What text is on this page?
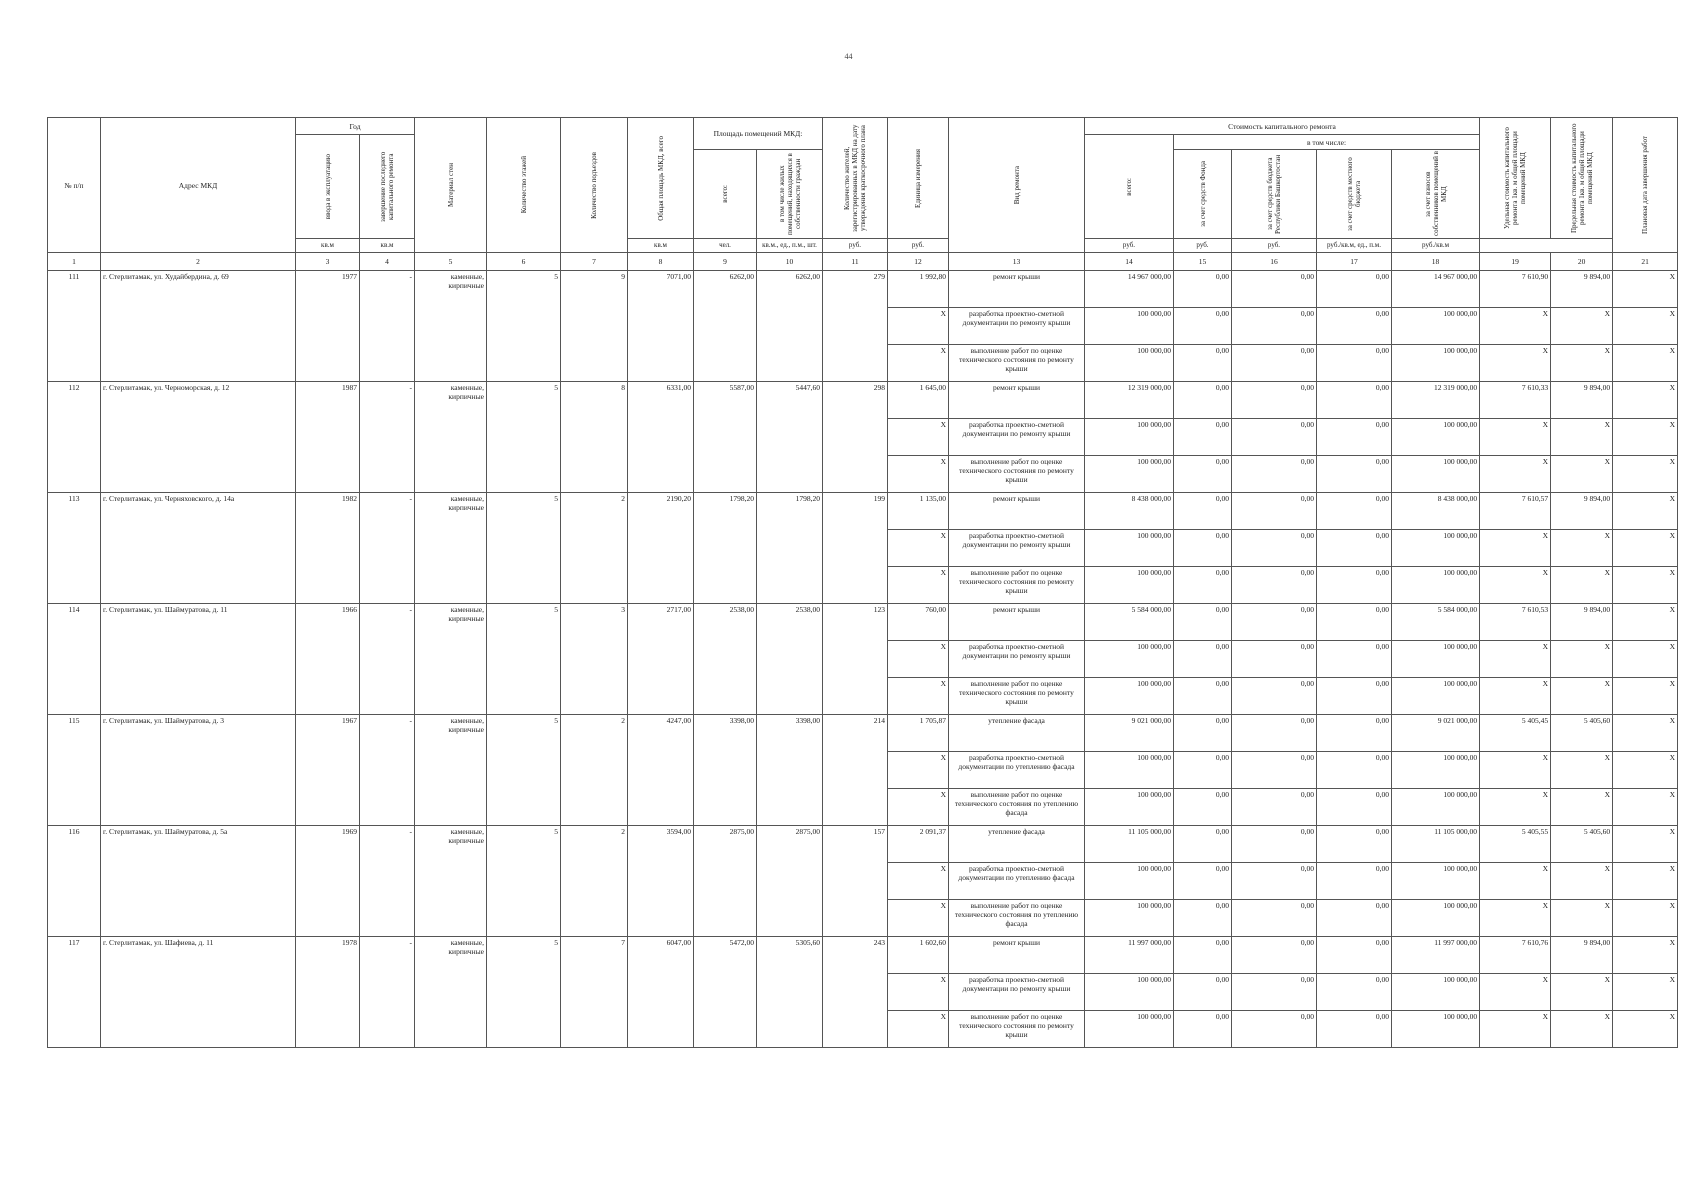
44
№ п/п	Адрес МКД	Год		Материал стен	Количество этажей	Количество подъездов	Общая площадь МКД, всего	Площадь помещений МКД:		Количество жителей, зарегистрированных в МКД на дату утверждения краткосрочного плана	Единица измерения	Вид ремонта	Стоимость капитального ремонта					Удельная стоимость капитального ремонта 1кв. м общей площади помещений МКД	Предельная стоимость капитального ремонта 1кв. м общей площади помещений МКД	Плановая дата завершения работ

		ввода в эксплуатацию	завершение последнего капитального ремонта										всего:	в том числе:						

								всего:	в том числе жилых помещений, находящихся в собственности граждан					за счет средств Фонда	за счет средств бюджета Республики Башкортостан	за счет средств местного бюджета	за счет взносов собственников помещений в МКД			

		кв.м	кв.м				кв.м	чел.	кв.м., ед., п.м., шт.	руб.	руб.		руб.	руб.	руб.	руб./кв.м, ед., п.м.	руб./кв.м			
1	2	3	4	5	6	7	8	9	10	11	12	13	14	15	16	17	18	19	20	21
111	г. Стерлитамак, ул. Худайбердина, д. 69	1977	-	каменные, кирпичные	5	9	7071,00	6262,00	6262,00	279	1 992,80	ремонт крыши	14 967 000,00	0,00	0,00	0,00	14 967 000,00	7 610,90	9 894,00	X
											X	разработка проектно-сметной документации по ремонту крыши	100 000,00	0,00	0,00	0,00	100 000,00	X	X	X
											X	выполнение работ по оценке технического состояния по ремонту крыши	100 000,00	0,00	0,00	0,00	100 000,00	X	X	X
112	г. Стерлитамак, ул. Черноморская, д. 12	1987	-	каменные, кирпичные	5	8	6331,00	5587,00	5447,60	298	1 645,00	ремонт крыши	12 319 000,00	0,00	0,00	0,00	12 319 000,00	7 610,33	9 894,00	X
											X	разработка проектно-сметной документации по ремонту крыши	100 000,00	0,00	0,00	0,00	100 000,00	X	X	X
											X	выполнение работ по оценке технического состояния по ремонту крыши	100 000,00	0,00	0,00	0,00	100 000,00	X	X	X
113	г. Стерлитамак, ул. Черняховского, д. 14а	1982	-	каменные, кирпичные	5	2	2190,20	1798,20	1798,20	199	1 135,00	ремонт крыши	8 438 000,00	0,00	0,00	0,00	8 438 000,00	7 610,57	9 894,00	X
											X	разработка проектно-сметной документации по ремонту крыши	100 000,00	0,00	0,00	0,00	100 000,00	X	X	X
											X	выполнение работ по оценке технического состояния по ремонту крыши	100 000,00	0,00	0,00	0,00	100 000,00	X	X	X
114	г. Стерлитамак, ул. Шаймуратова, д. 11	1966	-	каменные, кирпичные	5	3	2717,00	2538,00	2538,00	123	760,00	ремонт крыши	5 584 000,00	0,00	0,00	0,00	5 584 000,00	7 610,53	9 894,00	X
											X	разработка проектно-сметной документации по ремонту крыши	100 000,00	0,00	0,00	0,00	100 000,00	X	X	X
											X	выполнение работ по оценке технического состояния по ремонту крыши	100 000,00	0,00	0,00	0,00	100 000,00	X	X	X
115	г. Стерлитамак, ул. Шаймуратова, д. 3	1967	-	каменные, кирпичные	5	2	4247,00	3398,00	3398,00	214	1 705,87	утепление фасада	9 021 000,00	0,00	0,00	0,00	9 021 000,00	5 405,45	5 405,60	X
											X	разработка проектно-сметной документации по утеплению фасада	100 000,00	0,00	0,00	0,00	100 000,00	X	X	X
											X	выполнение работ по оценке технического состояния по утеплению фасада	100 000,00	0,00	0,00	0,00	100 000,00	X	X	X
116	г. Стерлитамак, ул. Шаймуратова, д. 5а	1969	-	каменные, кирпичные	5	2	3594,00	2875,00	2875,00	157	2 091,37	утепление фасада	11 105 000,00	0,00	0,00	0,00	11 105 000,00	5 405,55	5 405,60	X
											X	разработка проектно-сметной документации по утеплению фасада	100 000,00	0,00	0,00	0,00	100 000,00	X	X	X
											X	выполнение работ по оценке технического состояния по утеплению фасада	100 000,00	0,00	0,00	0,00	100 000,00	X	X	X
117	г. Стерлитамак, ул. Шафиева, д. 11	1978	-	каменные, кирпичные	5	7	6047,00	5472,00	5305,60	243	1 602,60	ремонт крыши	11 997 000,00	0,00	0,00	0,00	11 997 000,00	7 610,76	9 894,00	X
											X	разработка проектно-сметной документации по ремонту крыши	100 000,00	0,00	0,00	0,00	100 000,00	X	X	X
											X	выполнение работ по оценке технического состояния по ремонту крыши	100 000,00	0,00	0,00	0,00	100 000,00	X	X	X
